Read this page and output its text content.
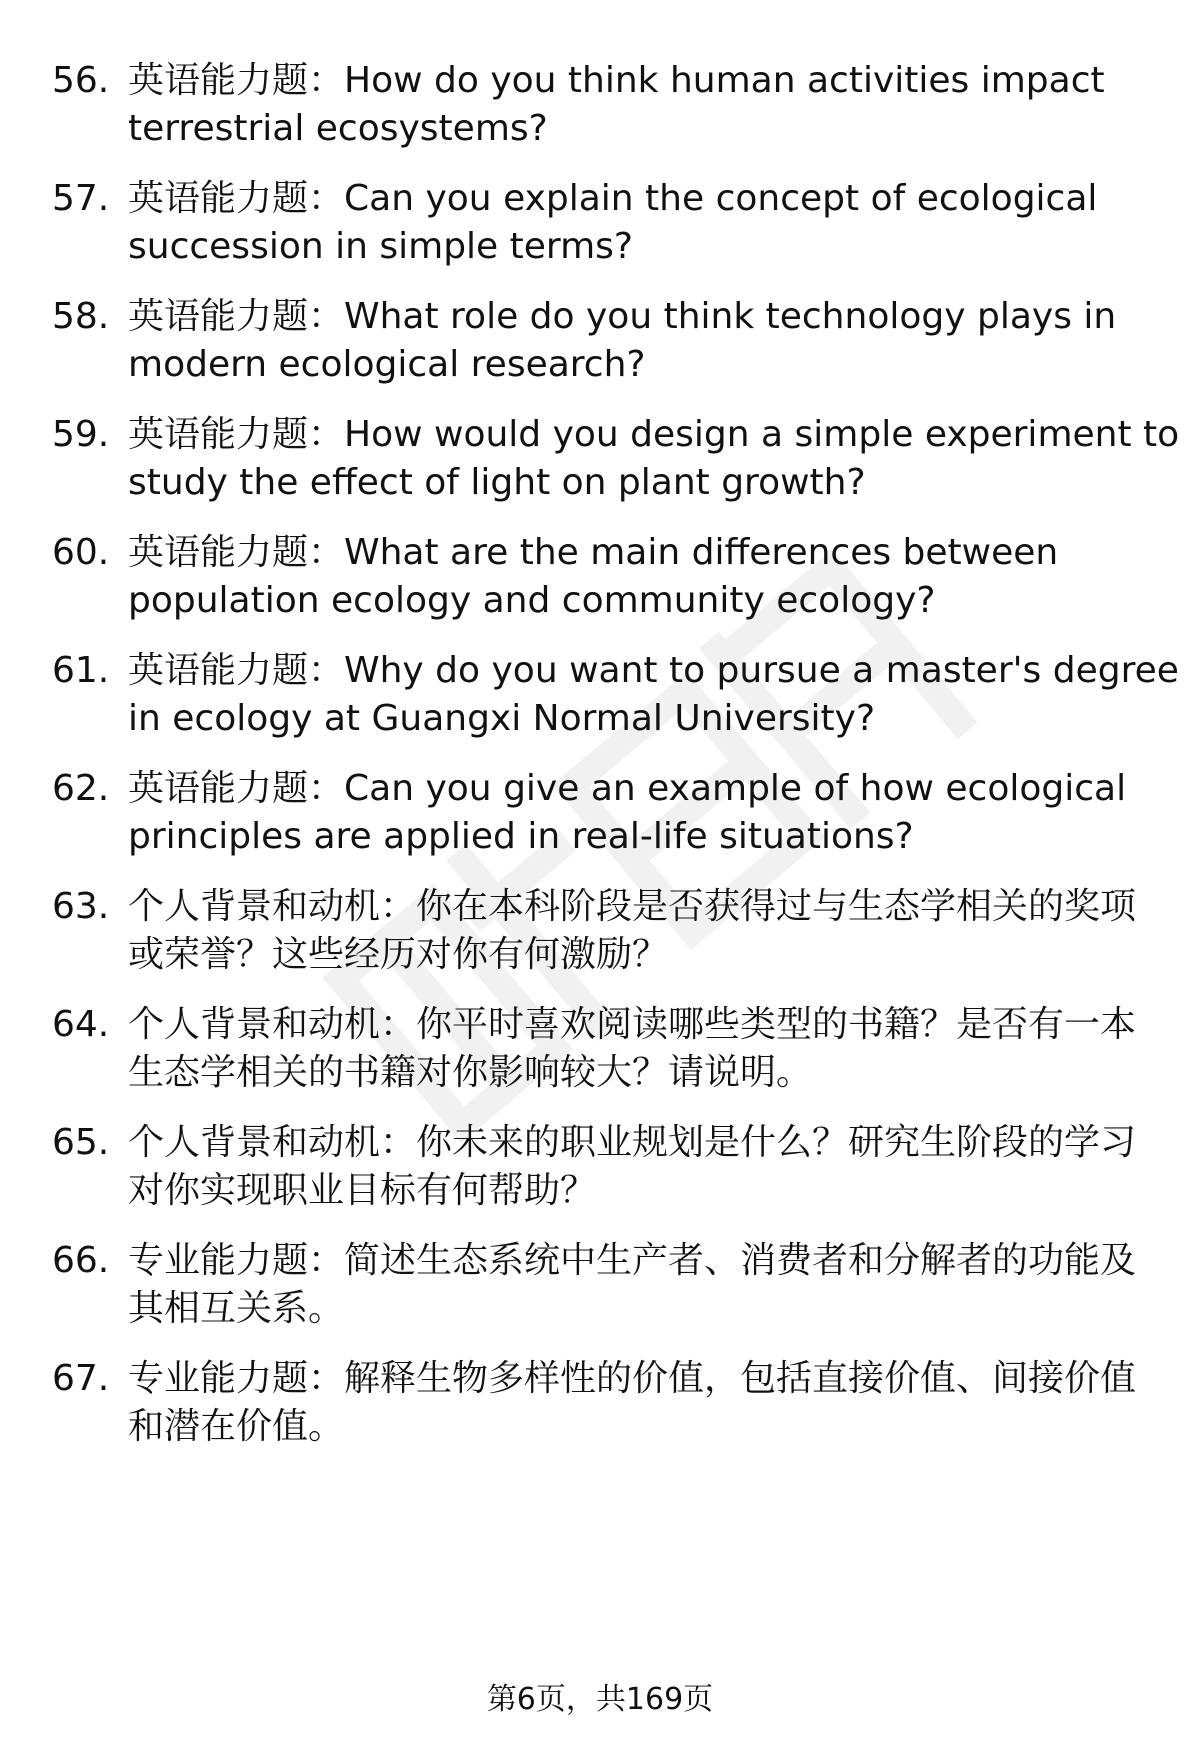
56. 英语能力题：How do you think human activities impact
terrestrial ecosystems?
57. 英语能力题：Can you explain the concept of ecological
succession in simple terms?
58. 英语能力题：What role do you think technology plays in
modern ecological research?
59. 英语能力题：How would you design a simple experiment to
study the effect of light on plant growth?
60. 英语能力题：What are the main differences between
population ecology and community ecology?
61. 英语能力题：Why do you want to pursue a master's degree
in ecology at Guangxi Normal University?
62. 英语能力题：Can you give an example of how ecological
principles are applied in real-life situations?
63. 个人背景和动机：你在本科阶段是否获得过与生态学相关的奖项
或荣誉？这些经历对你有何激励？
64. 个人背景和动机：你平时喜欢阅读哪些类型的书籍？是否有一本
生态学相关的书籍对你影响较大？请说明。
65. 个人背景和动机：你未来的职业规划是什么？研究生阶段的学习
对你实现职业目标有何帮助？
66. 专业能力题：简述生态系统中生产者、消费者和分解者的功能及
其相互关系。
67. 专业能力题：解释生物多样性的价值，包括直接价值、间接价值
和潜在价值。
第6页，共169页
